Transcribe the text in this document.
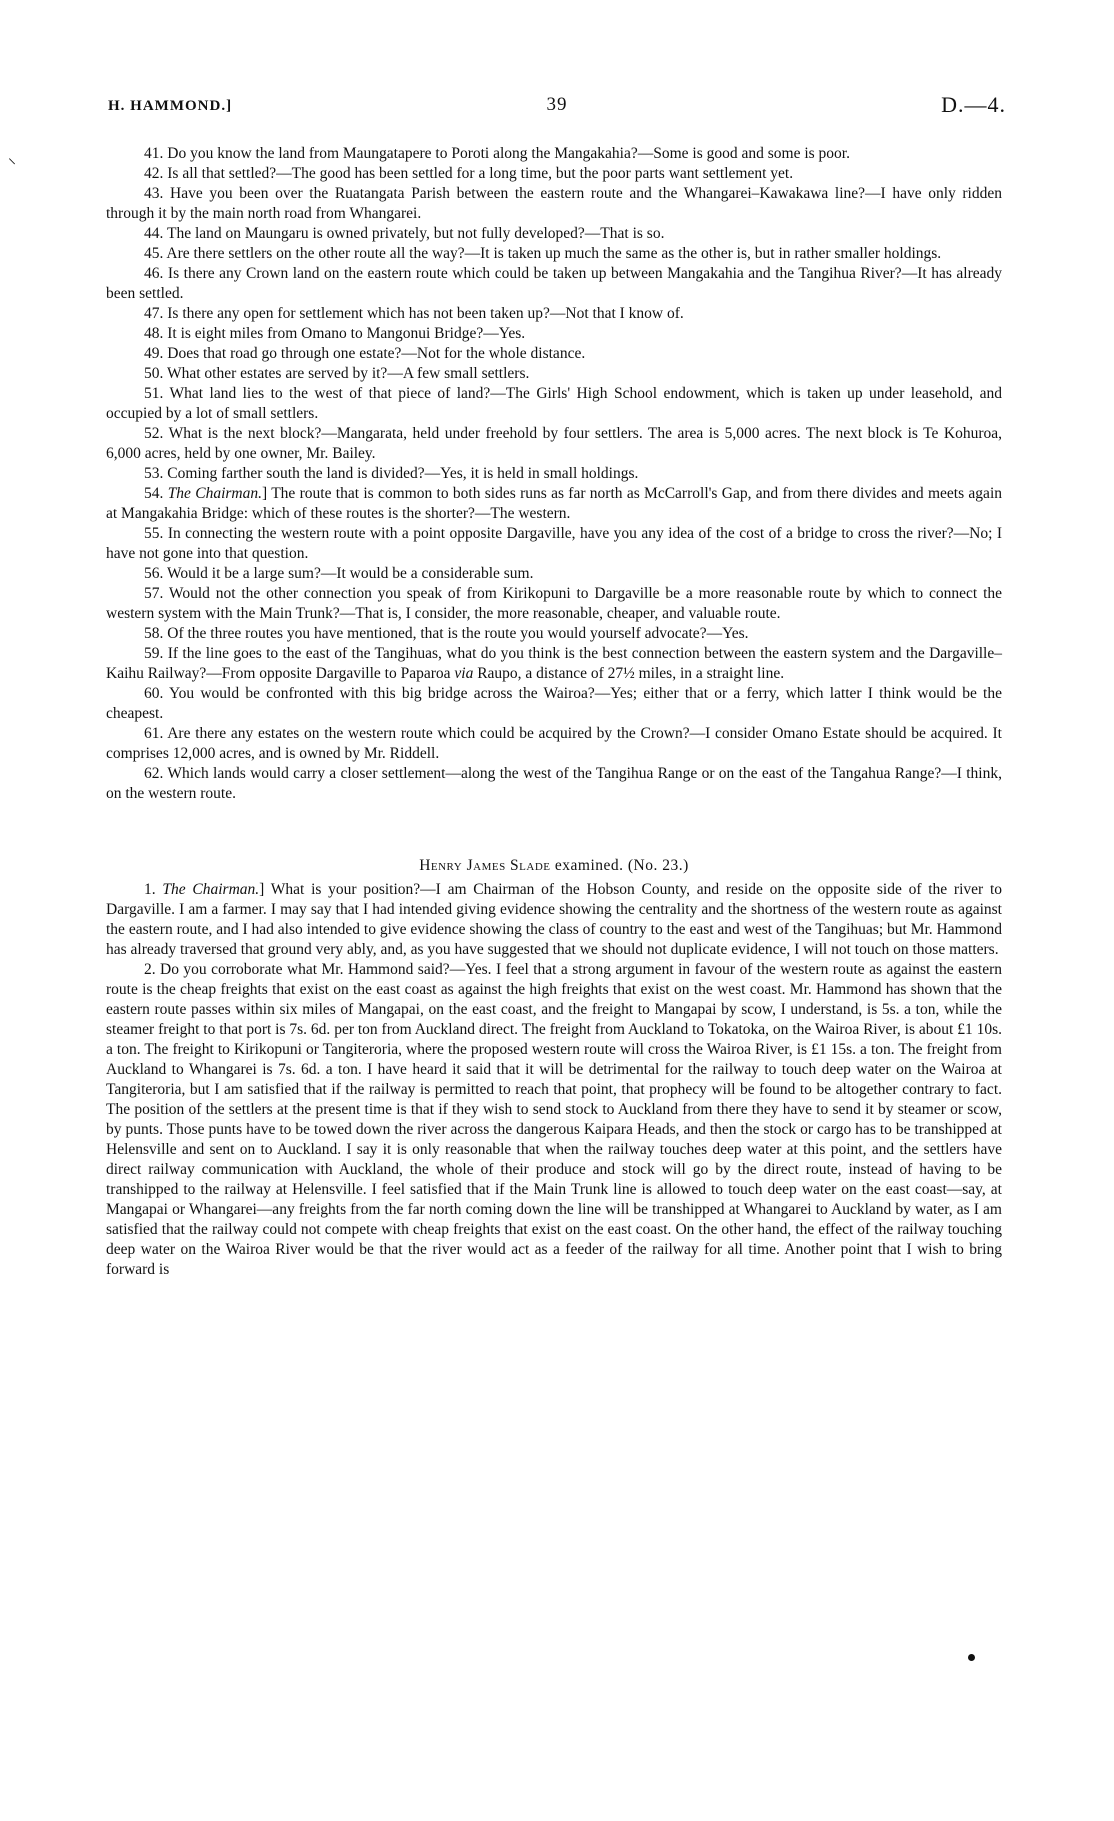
H. HAMMOND.]	39	D.—4.
⸜	41. Do you know the land from Maungatapere to Poroti along the Mangakahia?—Some is good and some is poor.

42. Is all that settled?—The good has been settled for a long time, but the poor parts want settlement yet.

43. Have you been over the Ruatangata Parish between the eastern route and the Whangarei–Kawakawa line?—I have only ridden through it by the main north road from Whangarei.

44. The land on Maungaru is owned privately, but not fully developed?—That is so.

45. Are there settlers on the other route all the way?—It is taken up much the same as the other is, but in rather smaller holdings.

46. Is there any Crown land on the eastern route which could be taken up between Mangakahia and the Tangihua River?—It has already been settled.

47. Is there any open for settlement which has not been taken up?—Not that I know of.

48. It is eight miles from Omano to Mangonui Bridge?—Yes.

49. Does that road go through one estate?—Not for the whole distance.

50. What other estates are served by it?—A few small settlers.

51. What land lies to the west of that piece of land?—The Girls' High School endowment, which is taken up under leasehold, and occupied by a lot of small settlers.

52. What is the next block?—Mangarata, held under freehold by four settlers. The area is 5,000 acres. The next block is Te Kohuroa, 6,000 acres, held by one owner, Mr. Bailey.

53. Coming farther south the land is divided?—Yes, it is held in small holdings.

54. The Chairman.] The route that is common to both sides runs as far north as McCarroll's Gap, and from there divides and meets again at Mangakahia Bridge: which of these routes is the shorter?—The western.

55. In connecting the western route with a point opposite Dargaville, have you any idea of the cost of a bridge to cross the river?—No; I have not gone into that question.

56. Would it be a large sum?—It would be a considerable sum.

57. Would not the other connection you speak of from Kirikopuni to Dargaville be a more reasonable route by which to connect the western system with the Main Trunk?—That is, I consider, the more reasonable, cheaper, and valuable route.

58. Of the three routes you have mentioned, that is the route you would yourself advocate?—Yes.

59. If the line goes to the east of the Tangihuas, what do you think is the best connection between the eastern system and the Dargaville–Kaihu Railway?—From opposite Dargaville to Paparoa via Raupo, a distance of 27½ miles, in a straight line.

60. You would be confronted with this big bridge across the Wairoa?—Yes; either that or a ferry, which latter I think would be the cheapest.

61. Are there any estates on the western route which could be acquired by the Crown?—I consider Omano Estate should be acquired. It comprises 12,000 acres, and is owned by Mr. Riddell.

62. Which lands would carry a closer settlement—along the west of the Tangihua Range or on the east of the Tangahua Range?—I think, on the western route.

Henry James Slade examined. (No. 23.)

1. The Chairman.] What is your position?—I am Chairman of the Hobson County, and reside on the opposite side of the river to Dargaville. I am a farmer. I may say that I had intended giving evidence showing the centrality and the shortness of the western route as against the eastern route, and I had also intended to give evidence showing the class of country to the east and west of the Tangihuas; but Mr. Hammond has already traversed that ground very ably, and, as you have suggested that we should not duplicate evidence, I will not touch on those matters.

2. Do you corroborate what Mr. Hammond said?—Yes. I feel that a strong argument in favour of the western route as against the eastern route is the cheap freights that exist on the east coast as against the high freights that exist on the west coast. Mr. Hammond has shown that the eastern route passes within six miles of Mangapai, on the east coast, and the freight to Mangapai by scow, I understand, is 5s. a ton, while the steamer freight to that port is 7s. 6d. per ton from Auckland direct. The freight from Auckland to Tokatoka, on the Wairoa River, is about £1 10s. a ton. The freight to Kirikopuni or Tangiteroria, where the proposed western route will cross the Wairoa River, is £1 15s. a ton. The freight from Auckland to Whangarei is 7s. 6d. a ton. I have heard it said that it will be detrimental for the railway to touch deep water on the Wairoa at Tangiteroria, but I am satisfied that if the railway is permitted to reach that point, that prophecy will be found to be altogether contrary to fact. The position of the settlers at the present time is that if they wish to send stock to Auckland from there they have to send it by steamer or scow, by punts. Those punts have to be towed down the river across the dangerous Kaipara Heads, and then the stock or cargo has to be transhipped at Helensville and sent on to Auckland. I say it is only reasonable that when the railway touches deep water at this point, and the settlers have direct railway communication with Auckland, the whole of their produce and stock will go by the direct route, instead of having to be transhipped to the railway at Helensville. I feel satisfied that if the Main Trunk line is allowed to touch deep water on the east coast—say, at Mangapai or Whangarei—any freights from the far north coming down the line will be transhipped at Whangarei to Auckland by water, as I am satisfied that the railway could not compete with cheap freights that exist on the east coast. On the other hand, the effect of the railway touching deep water on the Wairoa River would be that the river would act as a feeder of the railway for all time. Another point that I wish to bring forward is
